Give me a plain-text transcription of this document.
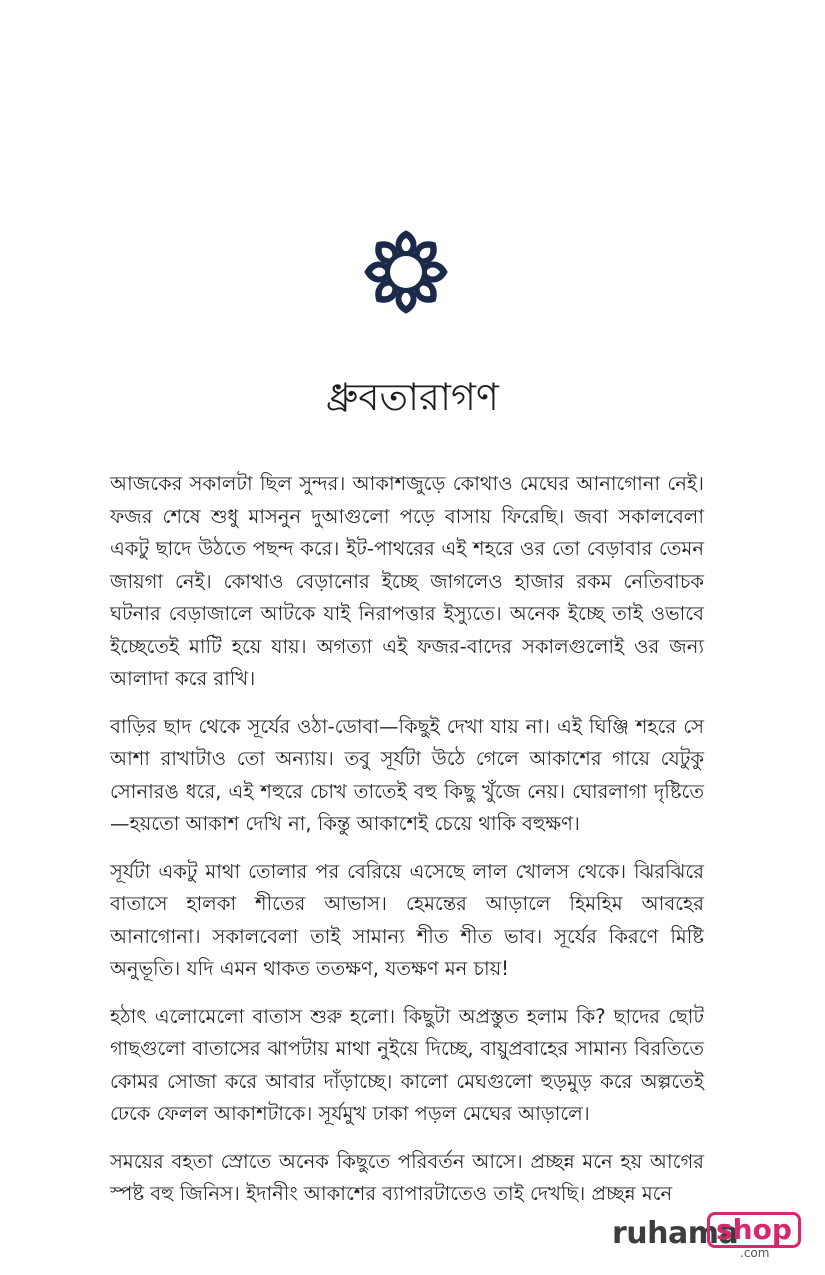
ধ্রুবতারাগণ

আজকের সকালটা ছিল সুন্দর। আকাশজুড়ে কোথাও মেঘের আনাগোনা নেই। ফজর শেষে শুধু মাসনুন দুআগুলো পড়ে বাসায় ফিরেছি। জবা সকালবেলা একটু ছাদে উঠতে পছন্দ করে। ইট-পাথরের এই শহরে ওর তো বেড়াবার তেমন জায়গা নেই। কোথাও বেড়ানোর ইচ্ছে জাগলেও হাজার রকম নেতিবাচক ঘটনার বেড়াজালে আটকে যাই নিরাপত্তার ইস্যুতে। অনেক ইচ্ছে তাই ওভাবে ইচ্ছেতেই মাটি হয়ে যায়। অগত্যা এই ফজর-বাদের সকালগুলোই ওর জন্য আলাদা করে রাখি।

বাড়ির ছাদ থেকে সূর্যের ওঠা-ডোবা—কিছুই দেখা যায় না। এই ঘিঞ্জি শহরে সে আশা রাখাটাও তো অন্যায়। তবু সূর্যটা উঠে গেলে আকাশের গায়ে যেটুকু সোনারঙ ধরে, এই শহুরে চোখ তাতেই বহু কিছু খুঁজে নেয়। ঘোরলাগা দৃষ্টিতে—হয়তো আকাশ দেখি না, কিন্তু আকাশেই চেয়ে থাকি বহুক্ষণ।

সূর্যটা একটু মাথা তোলার পর বেরিয়ে এসেছে লাল খোলস থেকে। ঝিরঝিরে বাতাসে হালকা শীতের আভাস। হেমন্তের আড়ালে হিমহিম আবহের আনাগোনা। সকালবেলা তাই সামান্য শীত শীত ভাব। সূর্যের কিরণে মিষ্টি অনুভূতি। যদি এমন থাকত ততক্ষণ, যতক্ষণ মন চায়!

হঠাৎ এলোমেলো বাতাস শুরু হলো। কিছুটা অপ্রস্তুত হলাম কি? ছাদের ছোট গাছগুলো বাতাসের ঝাপটায় মাথা নুইয়ে দিচ্ছে, বায়ুপ্রবাহের সামান্য বিরতিতে কোমর সোজা করে আবার দাঁড়াচ্ছে। কালো মেঘগুলো হুড়মুড় করে অল্পতেই ঢেকে ফেলল আকাশটাকে। সূর্যমুখ ঢাকা পড়ল মেঘের আড়ালে।

সময়ের বহতা স্রোতে অনেক কিছুতে পরিবর্তন আসে। প্রচ্ছন্ন মনে হয় আগের স্পষ্ট বহু জিনিস। ইদানীং আকাশের ব্যাপারটাতেও তাই দেখছি। প্রচ্ছন্ন মনে

ruhama
shop
.com
